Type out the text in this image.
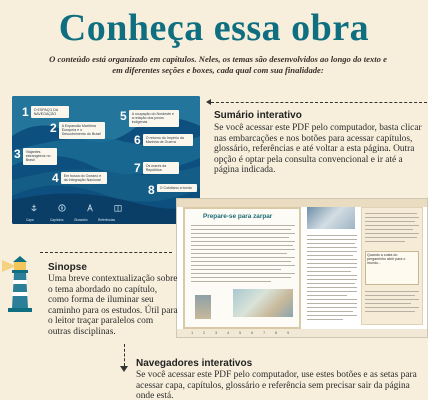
Conheça essa obra
O conteúdo está organizado em capítulos. Neles, os temas são desenvolvidos ao longo do texto e em diferentes seções e boxes, cada qual com sua finalidade:
1	O ESPAÇO DA NAVEGAÇÃO
2	A Expansão Marítima Europeia e o Descobrimento do Brasil
3	Viajantes estrangeiros no Brasil
4	Em busca do Oceano e da Integração Nacional
5	A ocupação do Nordeste e a relação dos povos indígenas
6	O retorno do Império da Marinha de Guerra
7	Os mares da República
8	O Cotidiano a bordo
Capa	Capítulos	Glossário	Referências
Sumário interativo
Se você acessar este PDF pelo computador, basta clicar nas embarcações e nos botões para acessar capítulos, glossário, referências e até voltar a esta página. Outra opção é optar pela consulta convencional e ir até a página indicada.
Prepare-se para zarpar
Quando a costa do pergaminho abrir para o mundo...
1 2 3 4 5 6 7 8 9
Sinopse
Uma breve contextualização sobre o tema abordado no capítulo, como forma de iluminar seu caminho para os estudos. Útil para o leitor traçar paralelos com outras disciplinas.
Navegadores interativos
Se você acessar este PDF pelo computador, use estes botões e as setas para acessar capa, capítulos, glossário e referência sem precisar sair da página onde está.
